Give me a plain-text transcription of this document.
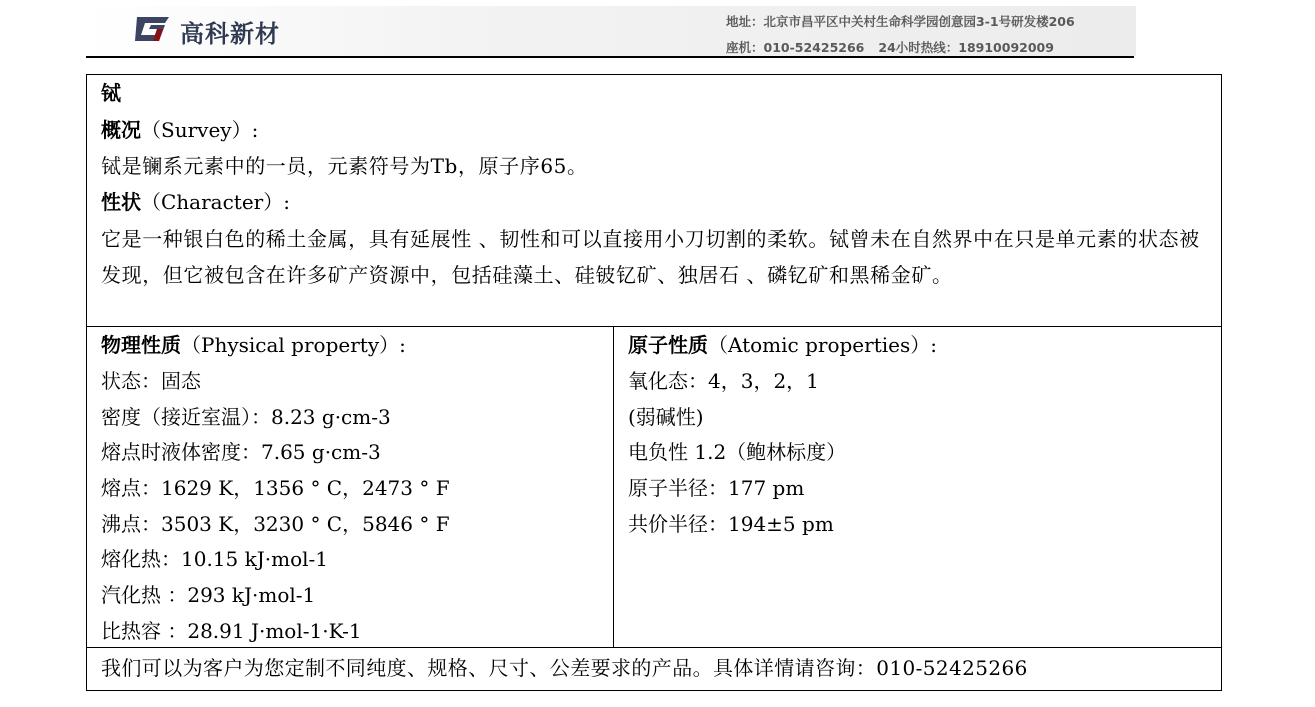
高科新材	地址：北京市昌平区中关村生命科学园创意园3-1号研发楼206
座机：010-52425266 24小时热线：18910092009
铽
概况（Survey）:
铽是镧系元素中的一员，元素符号为Tb，原子序65。
性状（Character）:
它是一种银白色的稀土金属，具有延展性 、韧性和可以直接用小刀切割的柔软。铽曾未在自然界中在只是单元素的状态被发现，但它被包含在许多矿产资源中，包括硅藻土、硅铍钇矿、独居石 、磷钇矿和黑稀金矿。
物理性质（Physical property）:
状态：固态
密度（接近室温）：8.23 g·cm-3
熔点时液体密度：7.65 g·cm-3
熔点：1629 K，1356 ° C，2473 ° F
沸点：3503 K，3230 ° C，5846 ° F
熔化热：10.15 kJ·mol-1
汽化热 ：293 kJ·mol-1
比热容 ：28.91 J·mol-1·K-1
原子性质（Atomic properties）:
氧化态：4，3，2，1
(弱碱性)
电负性 1.2（鲍林标度）
原子半径：177 pm
共价半径：194±5 pm
我们可以为客户为您定制不同纯度、规格、尺寸、公差要求的产品。具体详情请咨询：010-52425266
